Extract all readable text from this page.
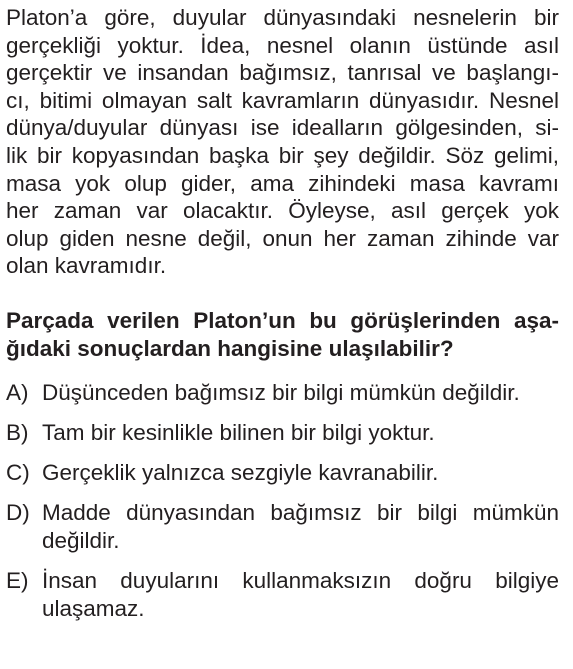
Platon’a göre, duyular dünyasındaki nesnelerin bir
gerçekliği yoktur. İdea, nesnel olanın üstünde asıl
gerçektir ve insandan bağımsız, tanrısal ve başlangı-
cı, bitimi olmayan salt kavramların dünyasıdır. Nesnel
dünya/duyular dünyası ise idealların gölgesinden, si-
lik bir kopyasından başka bir şey değildir. Söz gelimi,
masa yok olup gider, ama zihindeki masa kavramı
her zaman var olacaktır. Öyleyse, asıl gerçek yok
olup giden nesne değil, onun her zaman zihinde var
olan kavramıdır.
Parçada verilen Platon’un bu görüşlerinden aşa-
ğıdaki sonuçlardan hangisine ulaşılabilir?
A) Düşünceden bağımsız bir bilgi mümkün değildir.
B) Tam bir kesinlikle bilinen bir bilgi yoktur.
C) Gerçeklik yalnızca sezgiyle kavranabilir.
D) Madde dünyasından bağımsız bir bilgi mümkün
değildir.
E) İnsan duyularını kullanmaksızın doğru bilgiye
ulaşamaz.
